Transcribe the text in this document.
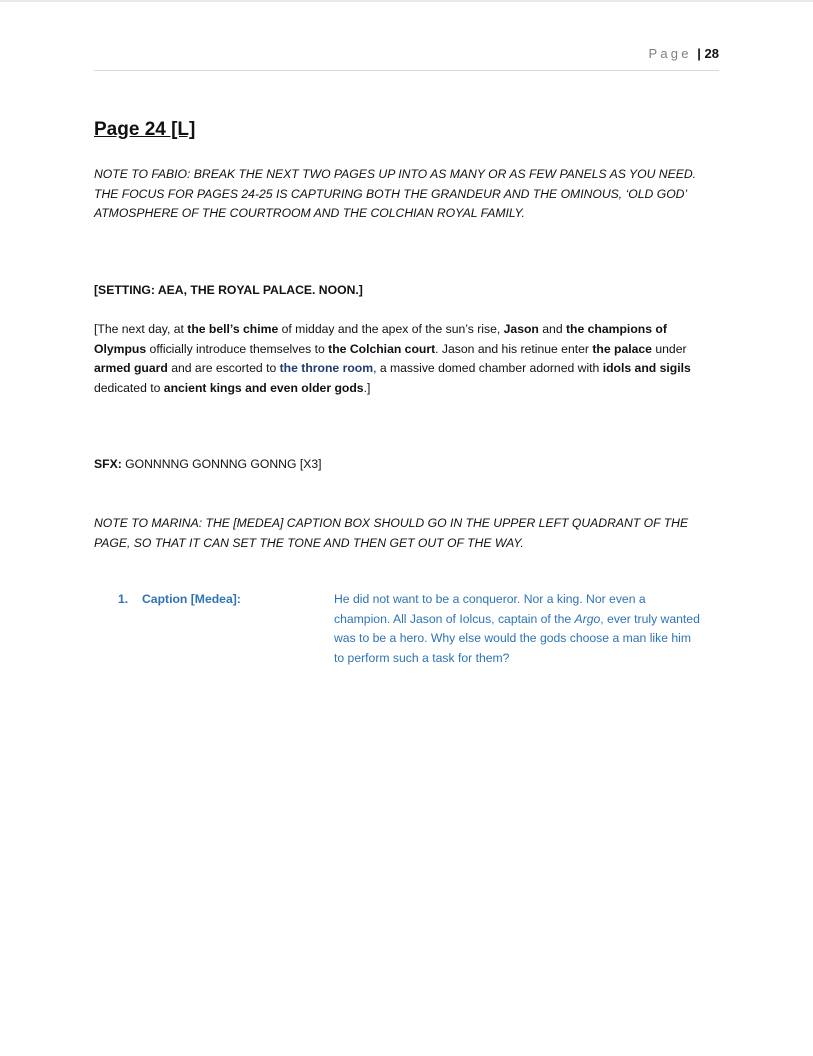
Page | 28
Page 24 [L]

NOTE TO FABIO: BREAK THE NEXT TWO PAGES UP INTO AS MANY OR AS FEW PANELS AS YOU NEED. THE FOCUS FOR PAGES 24-25 IS CAPTURING BOTH THE GRANDEUR AND THE OMINOUS, ‘OLD GOD’ ATMOSPHERE OF THE COURTROOM AND THE COLCHIAN ROYAL FAMILY.

[SETTING: AEA, THE ROYAL PALACE. NOON.]

[The next day, at the bell’s chime of midday and the apex of the sun’s rise, Jason and the champions of Olympus officially introduce themselves to the Colchian court. Jason and his retinue enter the palace under armed guard and are escorted to the throne room, a massive domed chamber adorned with idols and sigils dedicated to ancient kings and even older gods.]

SFX: GONNNNG GONNNG GONNG [X3]

NOTE TO MARINA: THE [MEDEA] CAPTION BOX SHOULD GO IN THE UPPER LEFT QUADRANT OF THE PAGE, SO THAT IT CAN SET THE TONE AND THEN GET OUT OF THE WAY.

1. Caption [Medea]:	He did not want to be a conqueror. Nor a king. Nor even a champion. All Jason of Iolcus, captain of the Argo, ever truly wanted was to be a hero. Why else would the gods choose a man like him to perform such a task for them?
